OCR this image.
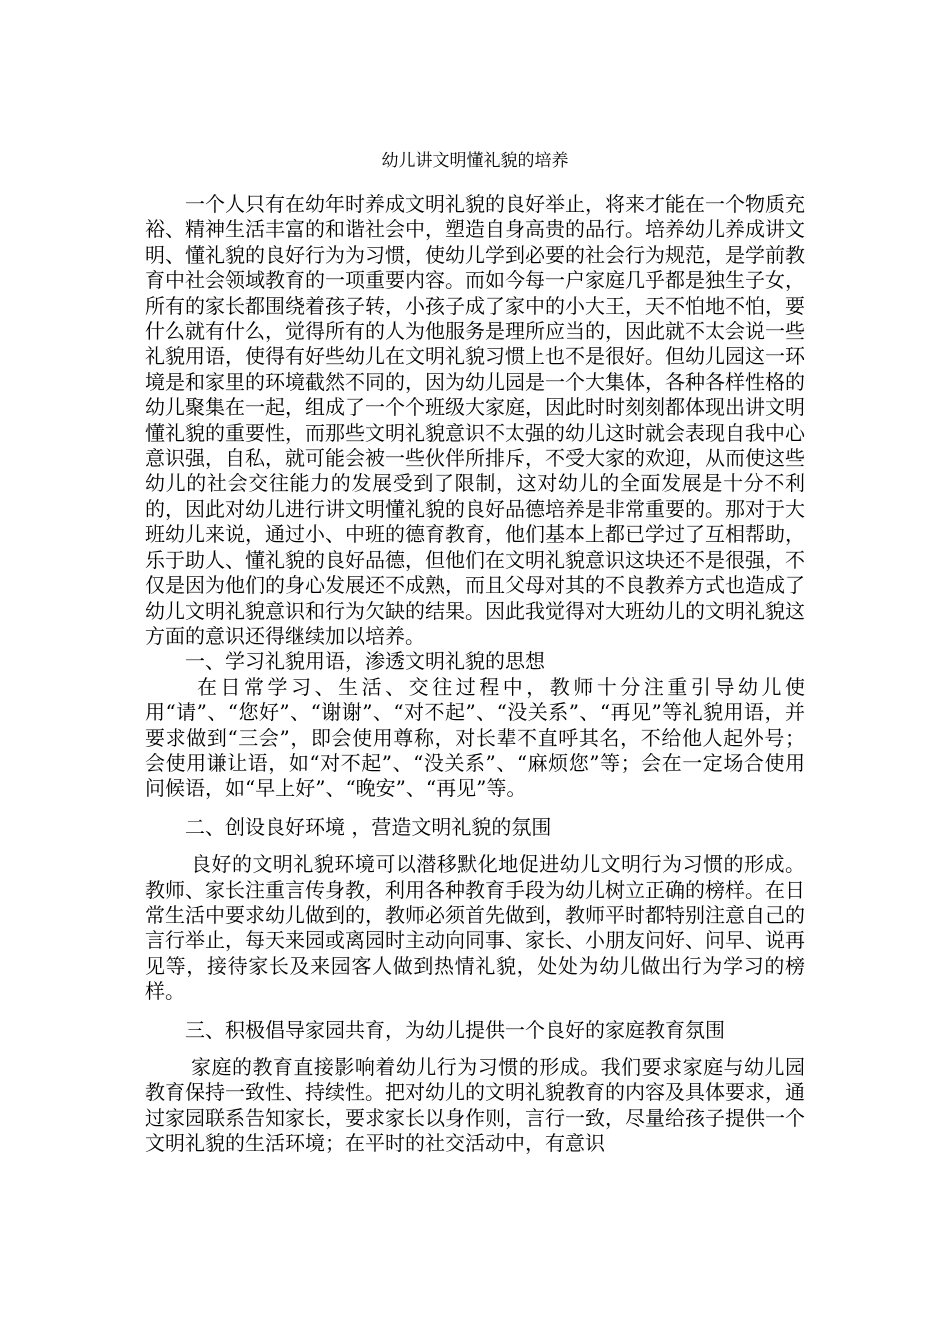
幼儿讲文明懂礼貌的培养

一个人只有在幼年时养成文明礼貌的良好举止，将来才能在一个物质充裕、精神生活丰富的和谐社会中，塑造自身高贵的品行。培养幼儿养成讲文明、懂礼貌的良好行为为习惯，使幼儿学到必要的社会行为规范，是学前教育中社会领域教育的一项重要内容。而如今每一户家庭几乎都是独生子女，所有的家长都围绕着孩子转，小孩子成了家中的小大王，天不怕地不怕，要什么就有什么，觉得所有的人为他服务是理所应当的，因此就不太会说一些礼貌用语，使得有好些幼儿在文明礼貌习惯上也不是很好。但幼儿园这一环境是和家里的环境截然不同的，因为幼儿园是一个大集体，各种各样性格的幼儿聚集在一起，组成了一个个班级大家庭，因此时时刻刻都体现出讲文明懂礼貌的重要性，而那些文明礼貌意识不太强的幼儿这时就会表现自我中心意识强，自私，就可能会被一些伙伴所排斥，不受大家的欢迎，从而使这些幼儿的社会交往能力的发展受到了限制，这对幼儿的全面发展是十分不利的，因此对幼儿进行讲文明懂礼貌的良好品德培养是非常重要的。那对于大班幼儿来说，通过小、中班的德育教育，他们基本上都已学过了互相帮助，乐于助人、懂礼貌的良好品德，但他们在文明礼貌意识这块还不是很强，不仅是因为他们的身心发展还不成熟，而且父母对其的不良教养方式也造成了幼儿文明礼貌意识和行为欠缺的结果。因此我觉得对大班幼儿的文明礼貌这方面的意识还得继续加以培养。

一、学习礼貌用语，渗透文明礼貌的思想

在日常学习、生活、交往过程中，教师十分注重引导幼儿使用“请”、“您好”、“谢谢”、“对不起”、“没关系”、“再见”等礼貌用语，并要求做到“三会”，即会使用尊称，对长辈不直呼其名，不给他人起外号；会使用谦让语，如“对不起”、“没关系”、“麻烦您”等；会在一定场合使用问候语，如“早上好”、“晚安”、“再见”等。

二、创设良好环境 ，营造文明礼貌的氛围

良好的文明礼貌环境可以潜移默化地促进幼儿文明行为习惯的形成。教师、家长注重言传身教，利用各种教育手段为幼儿树立正确的榜样。在日常生活中要求幼儿做到的，教师必须首先做到，教师平时都特别注意自己的言行举止，每天来园或离园时主动向同事、家长、小朋友问好、问早、说再见等，接待家长及来园客人做到热情礼貌，处处为幼儿做出行为学习的榜样。

三、积极倡导家园共育，为幼儿提供一个良好的家庭教育氛围

家庭的教育直接影响着幼儿行为习惯的形成。我们要求家庭与幼儿园教育保持一致性、持续性。把对幼儿的文明礼貌教育的内容及具体要求，通过家园联系告知家长，要求家长以身作则，言行一致，尽量给孩子提供一个文明礼貌的生活环境；在平时的社交活动中，有意识
